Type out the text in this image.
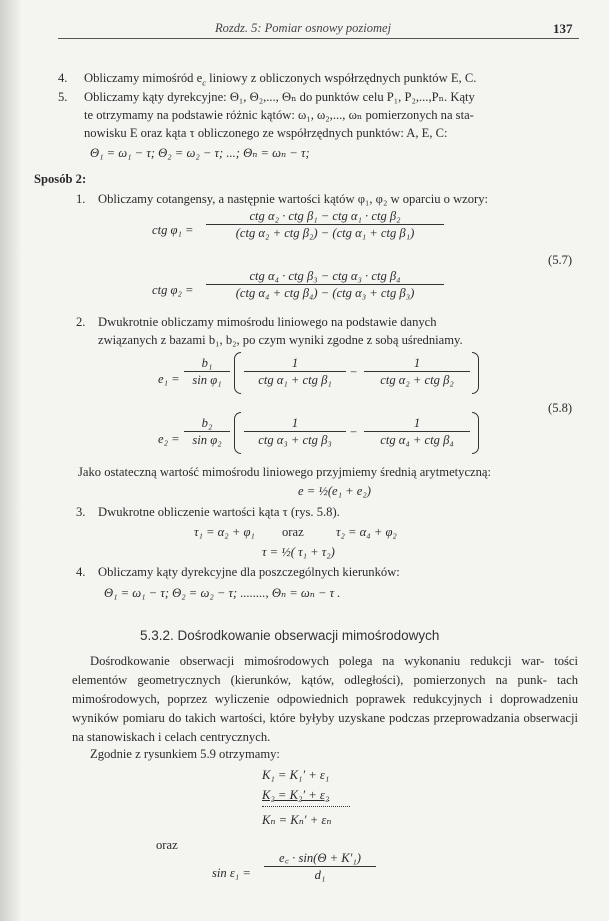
Rozdz. 5: Pomiar osnowy poziomej	137
4. Obliczamy mimośród $e_c$ liniowy z obliczonych współrzędnych punktów E, C.
5. Obliczamy kąty dyrekcyjne: Θ₁, Θ₂,..., Θₙ do punktów celu P₁, P₂,...,Pₙ. Kąty
te otrzymamy na podstawie różnic kątów: ω₁, ω₂,..., ωₙ pomierzonych na sta-
nowisku E oraz kąta τ obliczonego ze współrzędnych punktów: A, E, C:
Θ₁ = ω₁ − τ; Θ₂ = ω₂ − τ; ...; Θₙ = ωₙ − τ;
Sposób 2:
1. Obliczamy cotangensy, a następnie wartości kątów φ₁, φ₂ w oparciu o wzory:
ctg φ₁ =
ctg α₂ · ctg β₁ − ctg α₁ · ctg β₂
(ctg α₂ + ctg β₂) − (ctg α₁ + ctg β₁)
ctg φ₂ =
ctg α₄ · ctg β₃ − ctg α₃ · ctg β₄
(ctg α₄ + ctg β₄) − (ctg α₃ + ctg β₃)
(5.7)
2. Dwukrotnie obliczamy mimośrodu liniowego na podstawie danych
związanych z bazami b₁, b₂, po czym wyniki zgodne z sobą uśredniamy.
$e_1 = \frac{\text{b₁}}{\text{sin φ₁}}$	1
ctg α₁ + ctg β₁
−
1
ctg α₂ + ctg β₂
$e_2 = \frac{\text{b₂}}{\text{sin φ₂}}$	1
ctg α₃ + ctg β₃
−
1
ctg α₄ + ctg β₄
(5.8)
Jako ostateczną wartość mimośrodu liniowego przyjmiemy średnią arytmetyczną:
e = ½(e₁ + e₂)
3. Dwukrotne obliczenie wartości kąta τ (rys. 5.8).
τ₁ = α₂ + φ₁ oraz	τ₂ = α₄ + φ₂
τ = ½( τ₁ + τ₂)
4. Obliczamy kąty dyrekcyjne dla poszczególnych kierunków:
Θ₁ = ω₁ − τ; Θ₂ = ω₂ − τ; ........, Θₙ = ωₙ − τ .
5.3.2. Dośrodkowanie obserwacji mimośrodowych
Dośrodkowanie obserwacji mimośrodowych polega na wykonaniu redukcji war- tości elementów geometrycznych (kierunków, kątów, odległości), pomierzonych na punk- tach mimośrodowych, poprzez wyliczenie odpowiednich poprawek redukcyjnych i doprowadzeniu wyników pomiaru do takich wartości, które byłyby uzyskane podczas przeprowadzania obserwacji na stanowiskach i celach centrycznych.
Zgodnie z rysunkiem 5.9 otrzymamy:
K₁ = K₁′ + ε₁
K₂ = K₂′ + ε₂
Kₙ = Kₙ′ + εₙ
oraz
$\sin \varepsilon_1 = \frac{\text{e꜀ · sin(Θ + K′₁)}}{\text{d₁}}$
